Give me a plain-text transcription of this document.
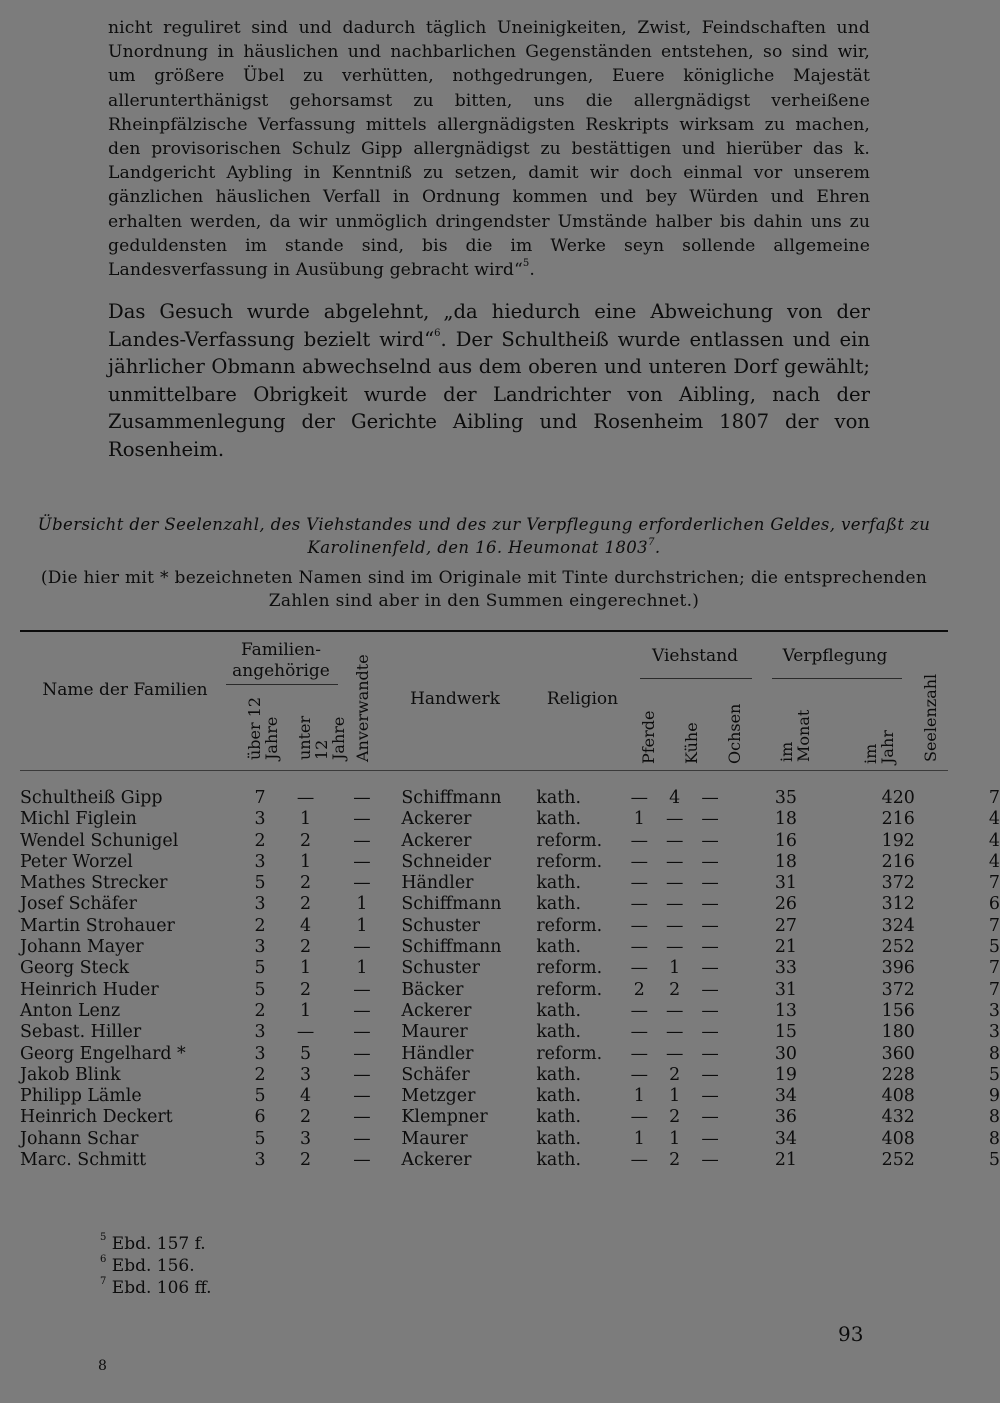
nicht reguliret sind und dadurch täglich Uneinigkeiten, Zwist, Feindschaften und Unordnung in häuslichen und nachbarlichen Gegenständen entstehen, so sind wir, um größere Übel zu verhütten, nothgedrungen, Euere königliche Majestät allerunterthänigst gehorsamst zu bitten, uns die allergnädigst verheißene Rheinpfälzische Verfassung mittels allergnädigsten Reskripts wirksam zu machen, den provisorischen Schulz Gipp allergnädigst zu bestättigen und hierüber das k. Landgericht Aybling in Kenntniß zu setzen, damit wir doch einmal vor unserem gänzlichen häuslichen Verfall in Ordnung kommen und bey Würden und Ehren erhalten werden, da wir unmöglich dringendster Umstände halber bis dahin uns zu geduldensten im stande sind, bis die im Werke seyn sollende allgemeine Landesverfassung in Ausübung gebracht wird“$^5$.
Das Gesuch wurde abgelehnt, „da hiedurch eine Abweichung von der Landes-Verfassung bezielt wird“$^6$. Der Schultheiß wurde entlassen und ein jährlicher Obmann abwechselnd aus dem oberen und unteren Dorf gewählt; unmittelbare Obrigkeit wurde der Landrichter von Aibling, nach der Zusammenlegung der Gerichte Aibling und Rosenheim 1807 der von Rosenheim.
Übersicht der Seelenzahl, des Viehstandes und des zur Verpflegung erforderlichen Geldes, verfaßt zu Karolinenfeld, den 16. Heumonat 1803$^7$.
(Die hier mit * bezeichneten Namen sind im Originale mit Tinte durchstrichen; die entsprechenden Zahlen sind aber in den Summen eingerechnet.)
Name der Familien
Familien-angehörige
über 12 Jahre unter 12 Jahre Anverwandte	Handwerk	Religion
Viehstand
Pferde Kühe Ochsen
Verpflegung
im Monat	im Jahr Seelenzahl
Schultheiß Gipp	7	—	—	Schiffmann	kath.	—	4	—	35	420	7
Michl Figlein	3	1	—	Ackerer	kath.	1	—	—	18	216	4
Wendel Schunigel	2	2	—	Ackerer	reform.	—	—	—	16	192	4
Peter Worzel	3	1	—	Schneider	reform.	—	—	—	18	216	4
Mathes Strecker	5	2	—	Händler	kath.	—	—	—	31	372	7
Josef Schäfer	3	2	1	Schiffmann	kath.	—	—	—	26	312	6
Martin Strohauer	2	4	1	Schuster	reform.	—	—	—	27	324	7
Johann Mayer	3	2	—	Schiffmann	kath.	—	—	—	21	252	5
Georg Steck	5	1	1	Schuster	reform.	—	1	—	33	396	7
Heinrich Huder	5	2	—	Bäcker	reform.	2	2	—	31	372	7
Anton Lenz	2	1	—	Ackerer	kath.	—	—	—	13	156	3
Sebast. Hiller	3	—	—	Maurer	kath.	—	—	—	15	180	3
Georg Engelhard *	3	5	—	Händler	reform.	—	—	—	30	360	8
Jakob Blink	2	3	—	Schäfer	kath.	—	2	—	19	228	5
Philipp Lämle	5	4	—	Metzger	kath.	1	1	—	34	408	9
Heinrich Deckert	6	2	—	Klempner	kath.	—	2	—	36	432	8
Johann Schar	5	3	—	Maurer	kath.	1	1	—	34	408	8
Marc. Schmitt	3	2	—	Ackerer	kath.	—	2	—	21	252	5
$^5$ Ebd. 157 f.
$^6$ Ebd. 156.
$^7$ Ebd. 106 ff.
93
8
